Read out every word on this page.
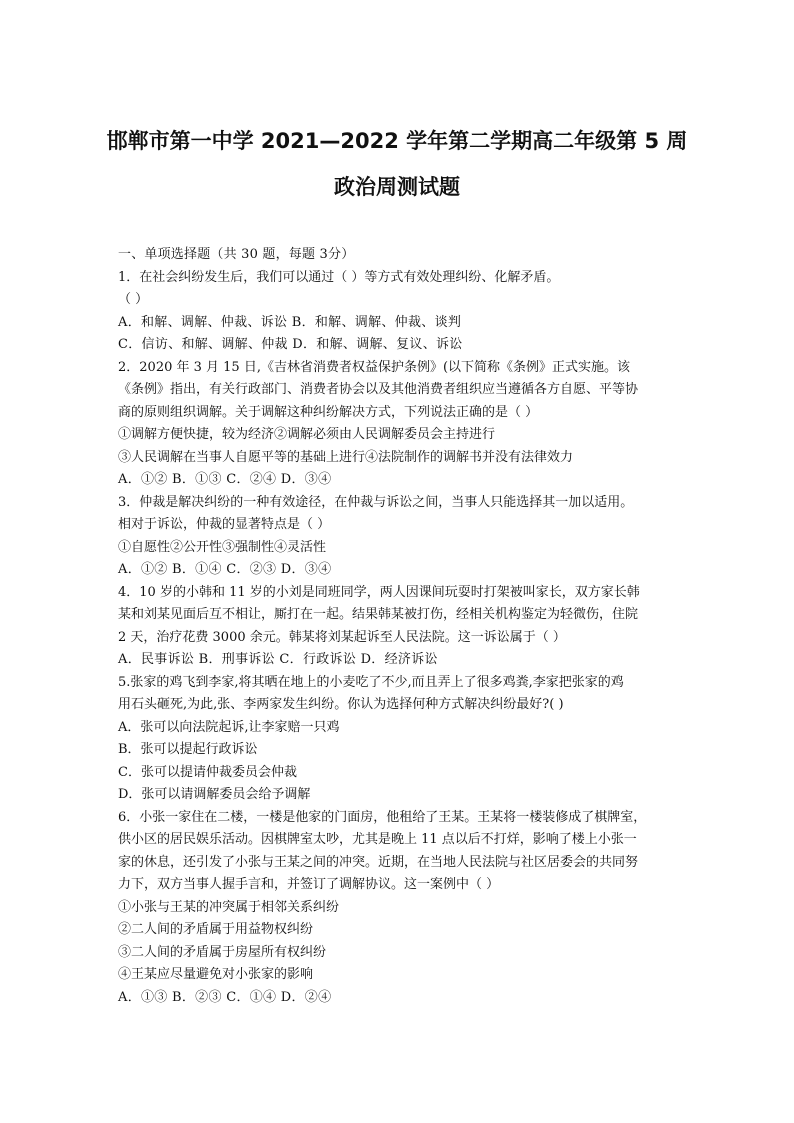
邯郸市第一中学 2021—2022 学年第二学期高二年级第 5 周
政治周测试题
一、单项选择题（共 30 题，每题 3分）
1．在社会纠纷发生后，我们可以通过（ ）等方式有效处理纠纷、化解矛盾。
（ ）
A．和解、调解、仲裁、诉讼 B．和解、调解、仲裁、谈判
C．信访、和解、调解、仲裁 D．和解、调解、复议、诉讼
2．2020 年 3 月 15 日,《吉林省消费者权益保护条例》(以下简称《条例》正式实施。该
《条例》指出，有关行政部门、消费者协会以及其他消费者组织应当遵循各方自愿、平等协
商的原则组织调解。关于调解这种纠纷解决方式，下列说法正确的是（ ）
①调解方便快捷，较为经济②调解必须由人民调解委员会主持进行
③人民调解在当事人自愿平等的基础上进行④法院制作的调解书并没有法律效力
A．①② B．①③ C．②④ D．③④
3．仲裁是解决纠纷的一种有效途径，在仲裁与诉讼之间，当事人只能选择其一加以适用。
相对于诉讼，仲裁的显著特点是（ ）
①自愿性②公开性③强制性④灵活性
A．①② B．①④ C．②③ D．③④
4．10 岁的小韩和 11 岁的小刘是同班同学，两人因课间玩耍时打架被叫家长，双方家长韩
某和刘某见面后互不相让，厮打在一起。结果韩某被打伤，经相关机构鉴定为轻微伤，住院
2 天，治疗花费 3000 余元。韩某将刘某起诉至人民法院。这一诉讼属于（ ）
A．民事诉讼 B．刑事诉讼 C．行政诉讼 D．经济诉讼
5.张家的鸡飞到李家,将其晒在地上的小麦吃了不少,而且弄上了很多鸡粪,李家把张家的鸡
用石头砸死,为此,张、李两家发生纠纷。你认为选择何种方式解决纠纷最好?( )
A．张可以向法院起诉,让李家赔一只鸡
B．张可以提起行政诉讼
C．张可以提请仲裁委员会仲裁
D．张可以请调解委员会给予调解
6．小张一家住在二楼，一楼是他家的门面房，他租给了王某。王某将一楼装修成了棋牌室，
供小区的居民娱乐活动。因棋牌室太吵，尤其是晚上 11 点以后不打烊，影响了楼上小张一
家的休息，还引发了小张与王某之间的冲突。近期，在当地人民法院与社区居委会的共同努
力下，双方当事人握手言和，并签订了调解协议。这一案例中（ ）
①小张与王某的冲突属于相邻关系纠纷
②二人间的矛盾属于用益物权纠纷
③二人间的矛盾属于房屋所有权纠纷
④王某应尽量避免对小张家的影响
A．①③ B．②③ C．①④ D．②④
